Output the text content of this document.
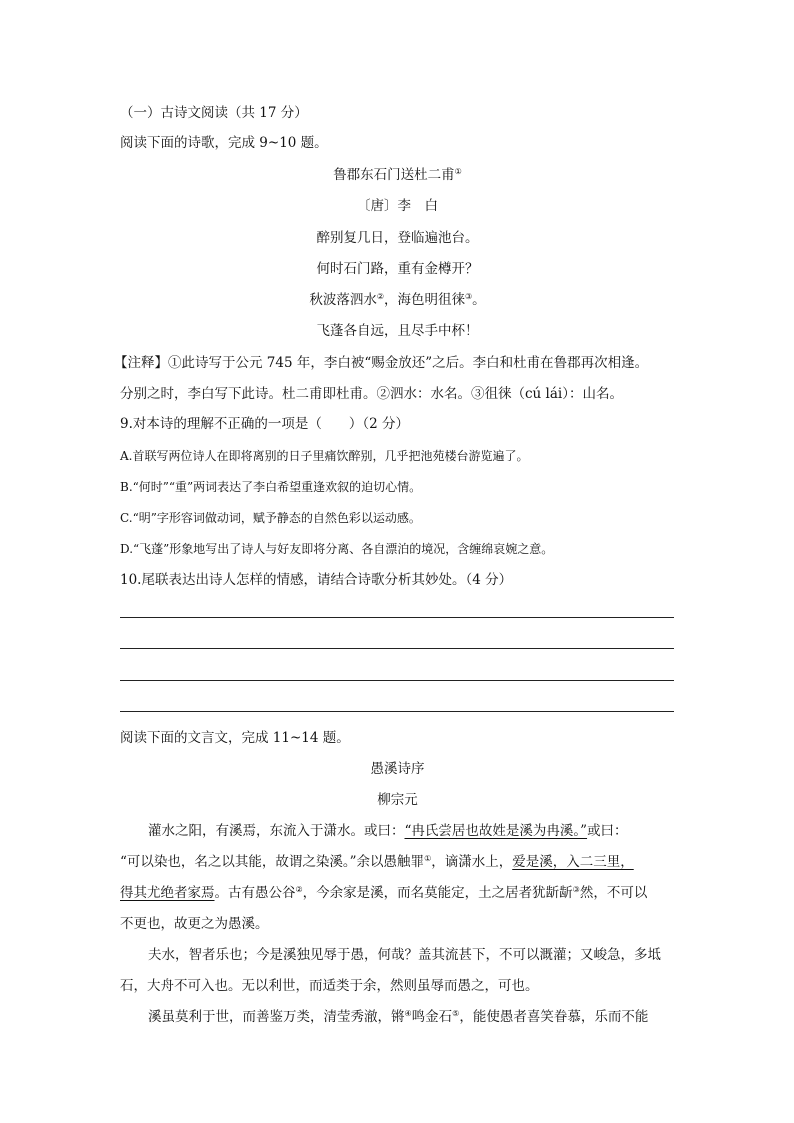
（一）古诗文阅读（共 17 分）
阅读下面的诗歌，完成 9~10 题。
鲁郡东石门送杜二甫①
〔唐〕李　白
醉别复几日，登临遍池台。
何时石门路，重有金樽开？
秋波落泗水②，海色明徂徕③。
飞蓬各自远，且尽手中杯！
【注释】①此诗写于公元 745 年，李白被“赐金放还”之后。李白和杜甫在鲁郡再次相逢。
分别之时，李白写下此诗。杜二甫即杜甫。②泗水：水名。③徂徕（cú lái）：山名。
9.对本诗的理解不正确的一项是（　　）（2 分）
A.首联写两位诗人在即将离别的日子里痛饮醉别，几乎把池苑楼台游览遍了。
B.“何时”“重”两词表达了李白希望重逢欢叙的迫切心情。
C.“明”字形容词做动词，赋予静态的自然色彩以运动感。
D.“飞蓬”形象地写出了诗人与好友即将分离、各自漂泊的境况，含缠绵哀婉之意。
10.尾联表达出诗人怎样的情感，请结合诗歌分析其妙处。（4 分）
阅读下面的文言文，完成 11~14 题。
愚溪诗序
柳宗元
灌水之阳，有溪焉，东流入于潇水。或曰：“冉氏尝居也故姓是溪为冉溪。”或曰：
“可以染也，名之以其能，故谓之染溪。”余以愚触罪①，谪潇水上，爱是溪，入二三里，
得其尤绝者家焉。古有愚公谷②，今余家是溪，而名莫能定，土之居者犹龂龂③然，不可以
不更也，故更之为愚溪。
夫水，智者乐也；今是溪独见辱于愚，何哉？盖其流甚下，不可以溉灌；又峻急，多坻
石，大舟不可入也。无以利世，而适类于余，然则虽辱而愚之，可也。
溪虽莫利于世，而善鉴万类，清莹秀澈，锵④鸣金石⑤，能使愚者喜笑眷慕，乐而不能
